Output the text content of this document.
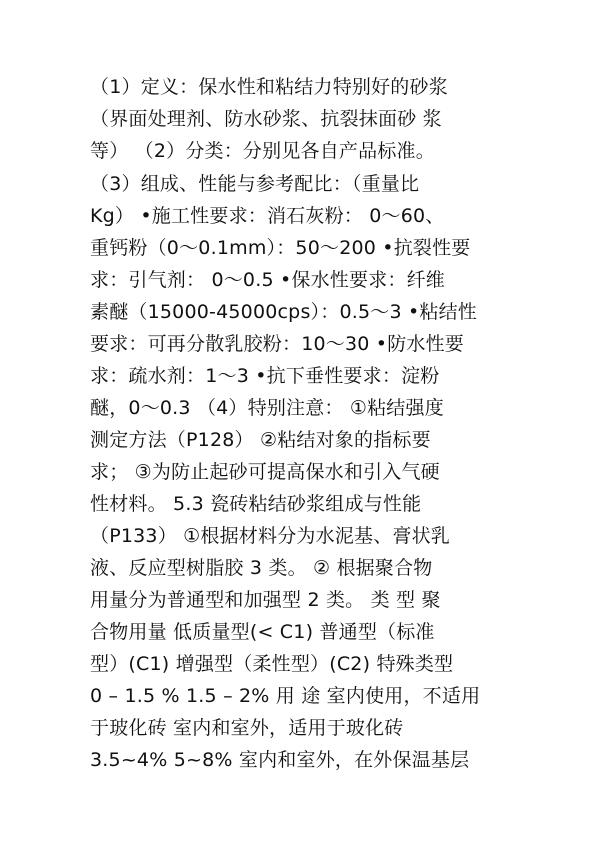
（1）定义：保水性和粘结力特别好的砂浆
（界面处理剂、防水砂浆、抗裂抹面砂 浆
等） （2）分类：分别见各自产品标准。
（3）组成、性能与参考配比：（重量比
Kg） •施工性要求：消石灰粉： 0～60、
重钙粉（0～0.1mm）：50～200 •抗裂性要
求：引气剂： 0～0.5 •保水性要求：纤维
素醚（15000-45000cps）：0.5～3 •粘结性
要求：可再分散乳胶粉：10～30 •防水性要
求：疏水剂：1～3 •抗下垂性要求：淀粉
醚，0～0.3 （4）特别注意： ①粘结强度
测定方法（P128） ②粘结对象的指标要
求； ③为防止起砂可提高保水和引入气硬
性材料。 5.3 瓷砖粘结砂浆组成与性能
（P133） ①根据材料分为水泥基、膏状乳
液、反应型树脂胶 3 类。 ② 根据聚合物
用量分为普通型和加强型 2 类。 类 型 聚
合物用量 低质量型(< C1) 普通型（标准
型）(C1) 增强型（柔性型）(C2) 特殊类型
0 – 1.5 % 1.5 – 2% 用 途 室内使用，不适用
于玻化砖 室内和室外，适用于玻化砖
3.5~4% 5~8% 室内和室外，在外保温基层
